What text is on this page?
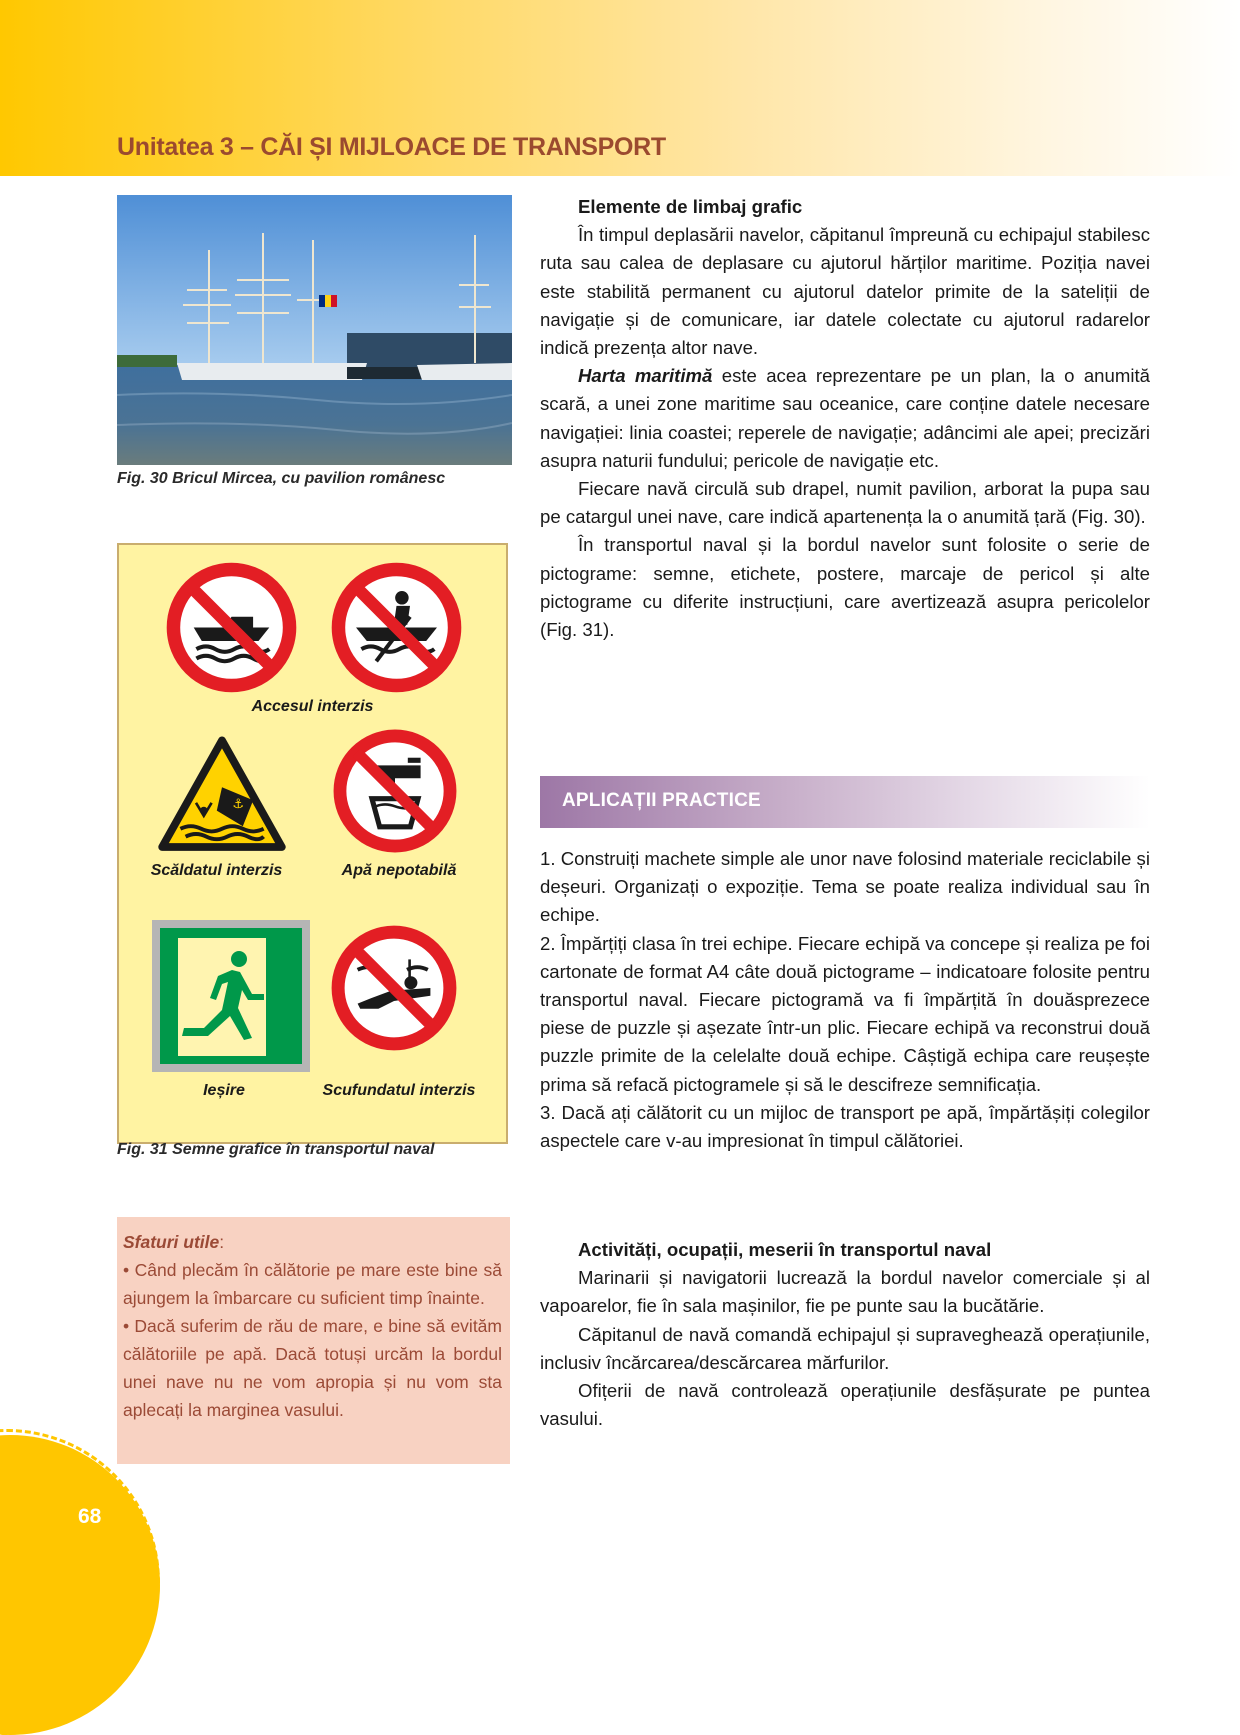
Unitatea 3 – CĂI ȘI MIJLOACE DE TRANSPORT
Fig. 30 Bricul Mircea, cu pavilion românesc
Accesul interzis
⚓
Scăldatul interzis	Apă nepotabilă
Ieșire	Scufundatul interzis
Fig. 31 Semne grafice în transportul naval
Sfaturi utile:
• Când plecăm în călătorie pe mare este bine să ajungem la îmbarcare cu suficient timp înainte.
• Dacă suferim de rău de mare, e bine să evităm călătoriile pe apă. Dacă totuși urcăm la bordul unei nave nu ne vom apropia și nu vom sta aplecați la marginea vasului.

Elemente de limbaj grafic

În timpul deplasării navelor, căpitanul împreună cu echipajul stabilesc ruta sau calea de deplasare cu ajutorul hărților maritime. Poziția navei este stabilită permanent cu ajutorul datelor primite de la sateliții de navigație și de comunicare, iar datele colectate cu ajutorul radarelor indică prezența altor nave.

Harta maritimă este acea reprezentare pe un plan, la o anumită scară, a unei zone maritime sau oceanice, care conține datele necesare navigației: linia coastei; reperele de navigație; adâncimi ale apei; precizări asupra naturii fundului; pericole de navigație etc.

Fiecare navă circulă sub drapel, numit pavilion, arborat la pupa sau pe catargul unei nave, care indică apartenența la o anumită țară (Fig. 30).

În transportul naval și la bordul navelor sunt folosite o serie de pictograme: semne, etichete, postere, marcaje de pericol și alte pictograme cu diferite instrucțiuni, care avertizează asupra pericolelor (Fig. 31).

APLICAȚII PRACTICE

1. Construiți machete simple ale unor nave folosind materiale reciclabile și deșeuri. Organizați o expoziție. Tema se poate realiza individual sau în echipe.

2. Împărțiți clasa în trei echipe. Fiecare echipă va concepe și realiza pe foi cartonate de format A4 câte două pictograme – indicatoare folosite pentru transportul naval. Fiecare pictogramă va fi împărțită în douăsprezece piese de puzzle și așezate într-un plic. Fiecare echipă va reconstrui două puzzle primite de la celelalte două echipe. Câștigă echipa care reușește prima să refacă pictogramele și să le descifreze semnificația.

3. Dacă ați călătorit cu un mijloc de transport pe apă, împărtășiți colegilor aspectele care v-au impresionat în timpul călătoriei.

Activități, ocupații, meserii în transportul naval

Marinarii și navigatorii lucrează la bordul navelor comerciale și al vapoarelor, fie în sala mașinilor, fie pe punte sau la bucătărie.

Căpitanul de navă comandă echipajul și supraveghează operațiunile, inclusiv încărcarea/descărcarea mărfurilor.

Ofițerii de navă controlează operațiunile desfășurate pe puntea vasului.

68
